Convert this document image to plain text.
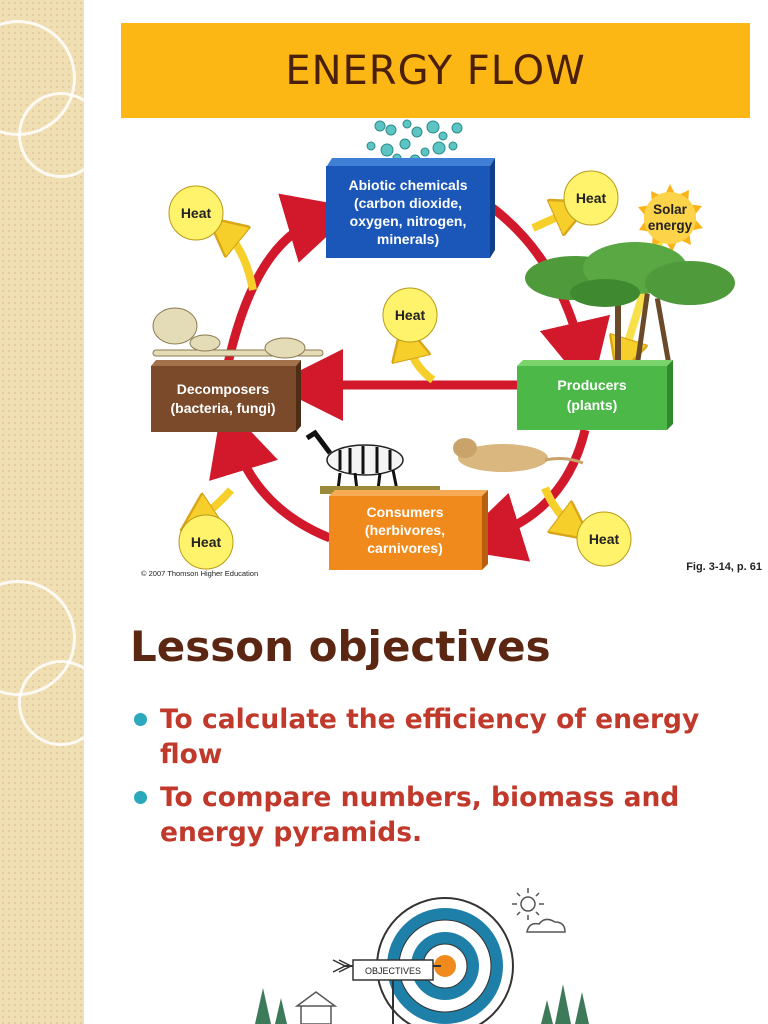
ENERGY FLOW
Heat
Heat
Heat
Heat	Heat
Solar
energy
Abiotic chemicals
(carbon dioxide,
oxygen, nitrogen,
minerals)
Producers
(plants)
Decomposers
(bacteria, fungi)
Consumers
(herbivores,
carnivores)
© 2007 Thomson Higher Education
Fig. 3-14, p. 61
Lesson objectives
To calculate the efficiency of energy flow
To compare numbers, biomass and energy pyramids.
OBJECTIVES
